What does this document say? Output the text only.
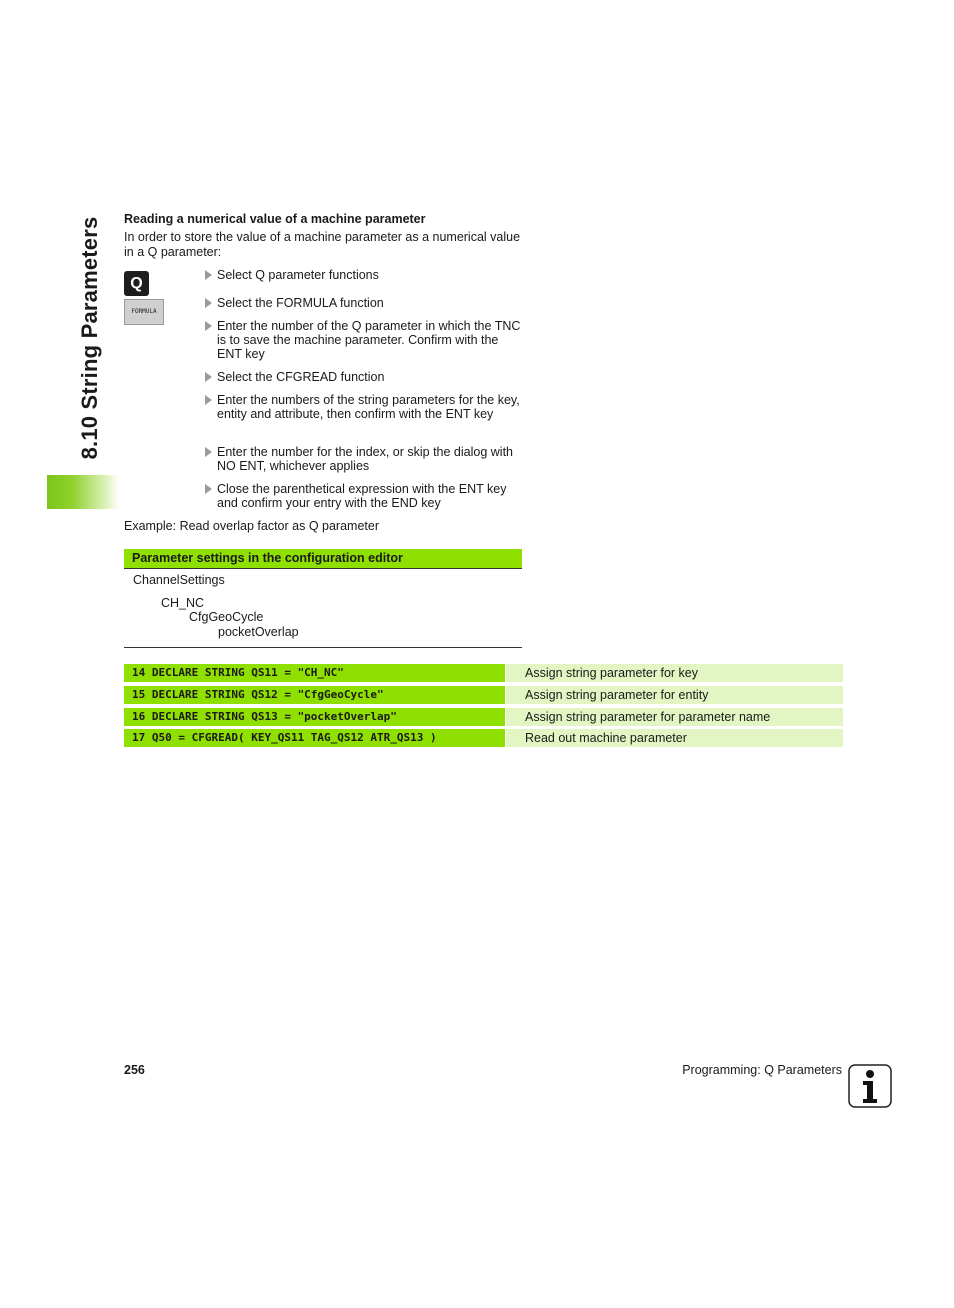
8.10 String Parameters Reading a numerical value of a machine parameter
In order to store the value of a machine parameter as a numerical value in a Q parameter:
Q
FORMULA
Select Q parameter functions
Select the FORMULA function
Enter the number of the Q parameter in which the TNC is to save the machine parameter. Confirm with the ENT key
Select the CFGREAD function
Enter the numbers of the string parameters for the key, entity and attribute, then confirm with the ENT key
Enter the number for the index, or skip the dialog with NO ENT, whichever applies
Close the parenthetical expression with the ENT key and confirm your entry with the END key
Example: Read overlap factor as Q parameter
Parameter settings in the configuration editor
ChannelSettings
CH_NC
CfgGeoCycle
pocketOverlap
14 DECLARE STRING QS11 = "CH_NC"	Assign string parameter for key
15 DECLARE STRING QS12 = "CfgGeoCycle"	Assign string parameter for entity
16 DECLARE STRING QS13 = "pocketOverlap"	Assign string parameter for parameter name
17 Q50 = CFGREAD( KEY_QS11 TAG_QS12 ATR_QS13 )	Read out machine parameter
256	Programming: Q Parameters
